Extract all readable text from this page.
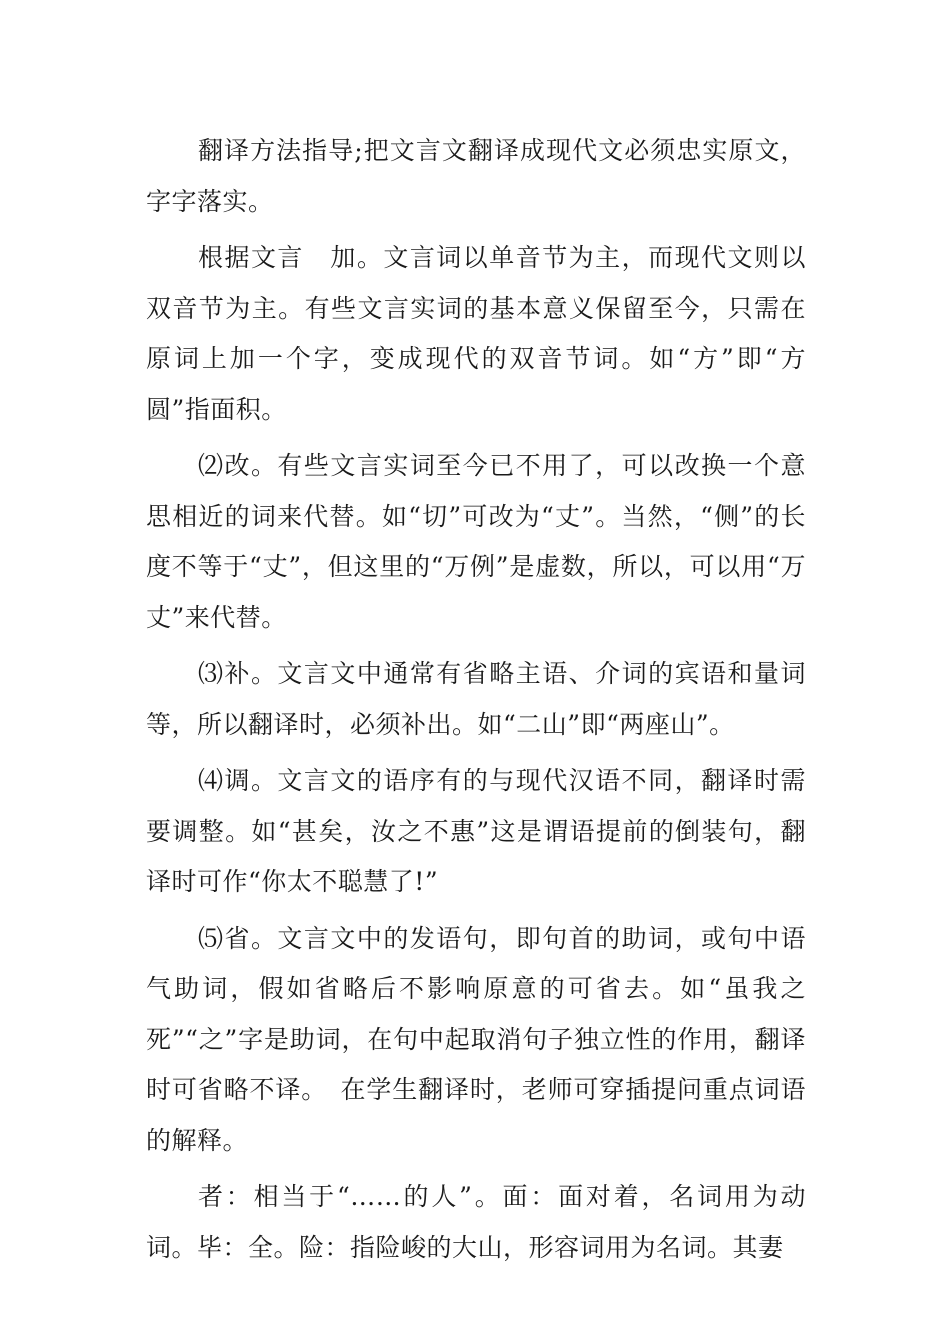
翻译方法指导;把文言文翻译成现代文必须忠实原文，字字落实。

根据文言　加。文言词以单音节为主，而现代文则以双音节为主。有些文言实词的基本意义保留至今，只需在原词上加一个字，变成现代的双音节词。如“方”即“方圆”指面积。

⑵改。有些文言实词至今已不用了，可以改换一个意思相近的词来代替。如“切”可改为“丈”。当然，“侧”的长度不等于“丈”，但这里的“万例”是虚数，所以，可以用“万丈”来代替。

⑶补。文言文中通常有省略主语、介词的宾语和量词等，所以翻译时，必须补出。如“二山”即“两座山”。

⑷调。文言文的语序有的与现代汉语不同，翻译时需要调整。如“甚矣，汝之不惠”这是谓语提前的倒装句，翻译时可作“你太不聪慧了!”

⑸省。文言文中的发语句，即句首的助词，或句中语气助词，假如省略后不影响原意的可省去。如“虽我之死”“之”字是助词，在句中起取消句子独立性的作用，翻译时可省略不译。　在学生翻译时，老师可穿插提问重点词语的解释。

者：相当于“……的人”。面：面对着，名词用为动词。毕：全。险：指险峻的大山，形容词用为名词。其妻
